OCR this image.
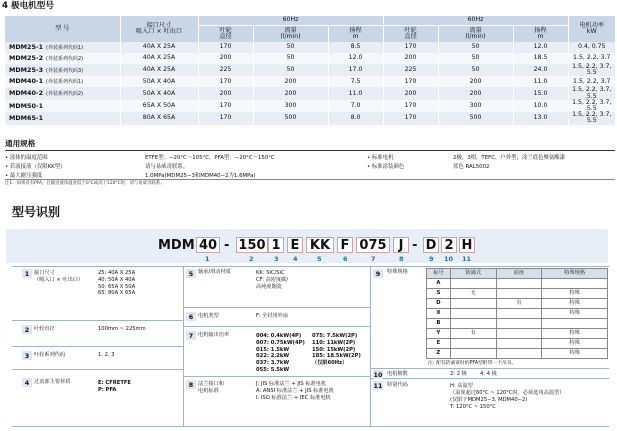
4 极电机型号
型 号	接口尺寸
吸入口 × 吐出口	60Hz			60Hz			电机功率
kW
		叶轮
直径	流量
(l/min)	扬程
m	叶轮
直径	流量
(l/min)	扬程
m	
MDM25-1 (外装系列代码1)	40A X 25A	170	50	8.5	170	50	12.0	0.4, 0.75
MDM25-2 (外装系列代码2)	40A X 25A	200	50	12.0	200	50	18.5	1.5, 2.2, 3.7
MDM25-3 (外装系列代码3)	40A X 25A	225	50	17.0	225	50	24.0	1.5, 2.2, 3.7, 5.5
MDM40-1 (外装系列代码1)	50A X 40A	170	200	7.5	170	200	11.0	1.5, 2.2, 3.7
MDM40-2 (外装系列代码2)	50A X 40A	200	200	11.0	200	200	15.0	1.5, 2.2, 3.7, 5.5
MDM50-1	65A X 50A	170	300	7.0	170	300	10.0	1.5, 2.2, 3.7, 5.5
MDM65-1	80A X 65A	170	500	8.0	170	500	13.0	1.5, 2.2, 3.7, 5.5
通用规格
• 液体的温度范围	ETFE型：−20°C～105°C，PFA型：−20°C～150°C	• 标准电机	2极，3相，TEFC，户外型，涂兰底色聚氨酯漆
• 若液接液（仅限KK型）	请与易威奇联系。	• 标准涂装颜色	蓝色 RAL5002
• 最大耐压强度	1.0MPa(MDM25−3和MDM40−2为1.6MPa)
注1：如果对有PFA，且输送液体温度低于0°C或高于120°C时，请与易威奇联系。
型号识别
MDM 40 - 150 1 E KK F 075 J - D 2 H
1	2	3 4	5	6	7	8	9 10 11
1 接口尺寸
（吸入口 × 吐出口）
25: 40A X 25A
40: 50A X 40A
50: 65A X 50A
65: 80A X 65A
2 叶轮直径	100mm ~ 225mm
3 叶轮系列代码	1, 2, 3
4 过流部主要材质	E: CFRETFE
P: PFA
5 轴承/滑动材质	KK: SiC/SiC
CF: 高密度碳/
高纯度陶瓷
6 电机类型	F: 全封闭外扇
7 电机输出功率	004: 0.4kW(4P)
007: 0.75kW(4P)
015: 1.5kW
022: 2.2kW
037: 3.7kW
055: 5.5kW
075: 7.5kW(2P)
110: 11kW(2P)
150: 15kW(2P)
185: 18.5kW(2P)
（仅限60Hz）
8 法兰接口和
电机标准
J: JIS 标准法兰 + JIS 标准电机
A: ANSI 标准法兰 + JIS 标准电机
I: ISO 标准法兰 + IEC 标准电机
9	特殊规格	标号	防滴式	底座	特殊规格
A			
S	无		特殊
D		有	特殊
X			特殊
B			
Y	有		特殊
E			特殊
Z			特殊
注: 配有防滴罩时的PFA型附带一个吊耳。
10 电机极数	2: 2 极        4: 4 极
11 特别代码	H: 高温型
（温度超过60°C ~ 120°C时，必须选用高温型）
(仅限于MDM25−3, MDM40−2)
T: 120°C ~ 150°C
